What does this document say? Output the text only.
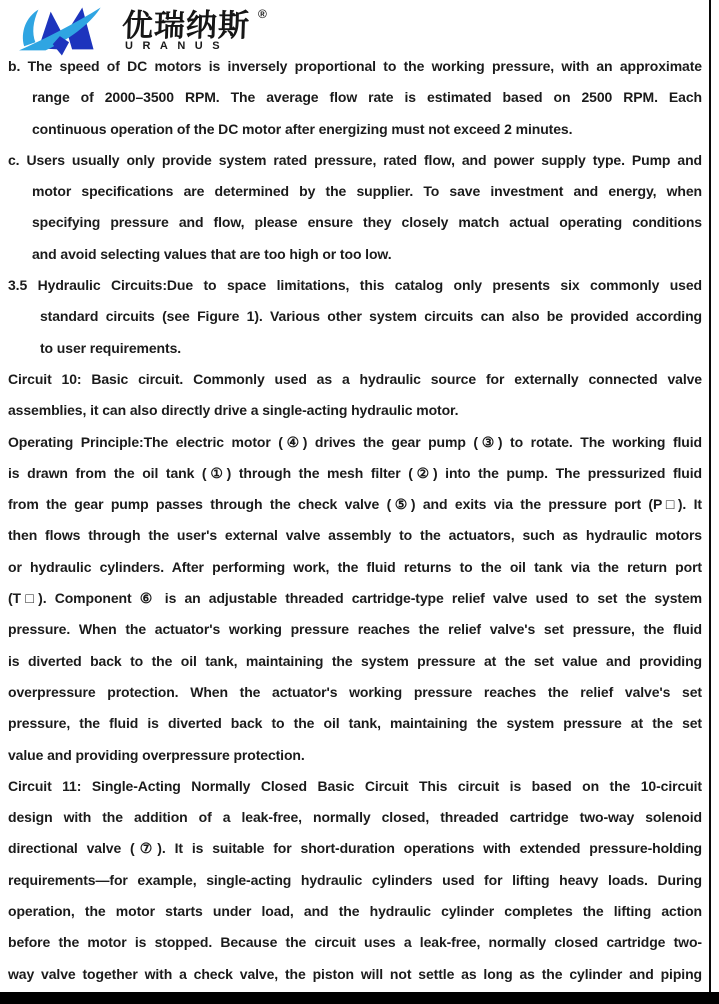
优瑞纳斯 ®
URANUS
b. The speed of DC motors is inversely proportional to the working pressure, with an approximate
range of 2000–3500 RPM. The average flow rate is estimated based on 2500 RPM. Each
continuous operation of the DC motor after energizing must not exceed 2 minutes.
c. Users usually only provide system rated pressure, rated flow, and power supply type. Pump and
motor specifications are determined by the supplier. To save investment and energy, when
specifying pressure and flow, please ensure they closely match actual operating conditions
and avoid selecting values that are too high or too low.
3.5 Hydraulic Circuits:Due to space limitations, this catalog only presents six commonly used
standard circuits (see Figure 1). Various other system circuits can also be provided according
to user requirements.
Circuit 10: Basic circuit. Commonly used as a hydraulic source for externally connected valve
assemblies, it can also directly drive a single-acting hydraulic motor.
Operating Principle:The electric motor (④) drives the gear pump (③) to rotate. The working fluid
is drawn from the oil tank (①) through the mesh filter (②) into the pump. The pressurized fluid
from the gear pump passes through the check valve (⑤) and exits via the pressure port (P□). It
then flows through the user's external valve assembly to the actuators, such as hydraulic motors
or hydraulic cylinders. After performing work, the fluid returns to the oil tank via the return port
(T□). Component ⑥ is an adjustable threaded cartridge-type relief valve used to set the system
pressure. When the actuator's working pressure reaches the relief valve's set pressure, the fluid
is diverted back to the oil tank, maintaining the system pressure at the set value and providing
overpressure protection. When the actuator's working pressure reaches the relief valve's set
pressure, the fluid is diverted back to the oil tank, maintaining the system pressure at the set
value and providing overpressure protection.
Circuit 11: Single-Acting Normally Closed Basic Circuit This circuit is based on the 10-circuit
design with the addition of a leak-free, normally closed, threaded cartridge two-way solenoid
directional valve (⑦). It is suitable for short-duration operations with extended pressure-holding
requirements—for example, single-acting hydraulic cylinders used for lifting heavy loads. During
operation, the motor starts under load, and the hydraulic cylinder completes the lifting action
before the motor is stopped. Because the circuit uses a leak-free, normally closed cartridge two-
way valve together with a check valve, the piston will not settle as long as the cylinder and piping
